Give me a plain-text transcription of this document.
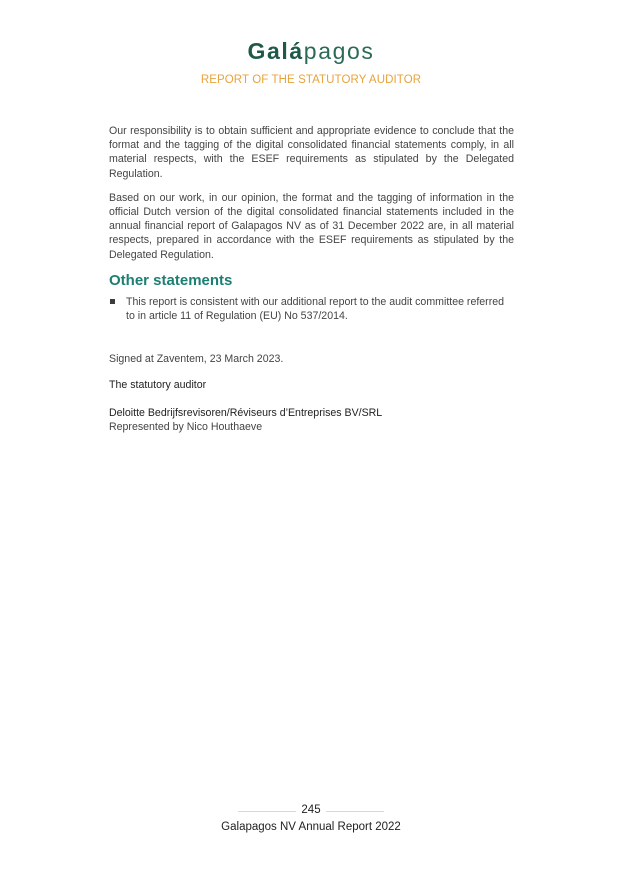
Galápagos
REPORT OF THE STATUTORY AUDITOR

Our responsibility is to obtain sufficient and appropriate evidence to conclude that the format and the tagging of the digital consolidated financial statements comply, in all material respects, with the ESEF requirements as stipulated by the Delegated Regulation.

Based on our work, in our opinion, the format and the tagging of information in the official Dutch version of the digital consolidated financial statements included in the annual financial report of Galapagos NV as of 31 December 2022 are, in all material respects, prepared in accordance with the ESEF requirements as stipulated by the Delegated Regulation.

Other statements
This report is consistent with our additional report to the audit committee referred to in article 11 of Regulation (EU) No 537/2014.
Signed at Zaventem, 23 March 2023.
The statutory auditor
Deloitte Bedrijfsrevisoren/Réviseurs d’Entreprises BV/SRL
Represented by Nico Houthaeve
245
Galapagos NV Annual Report 2022
